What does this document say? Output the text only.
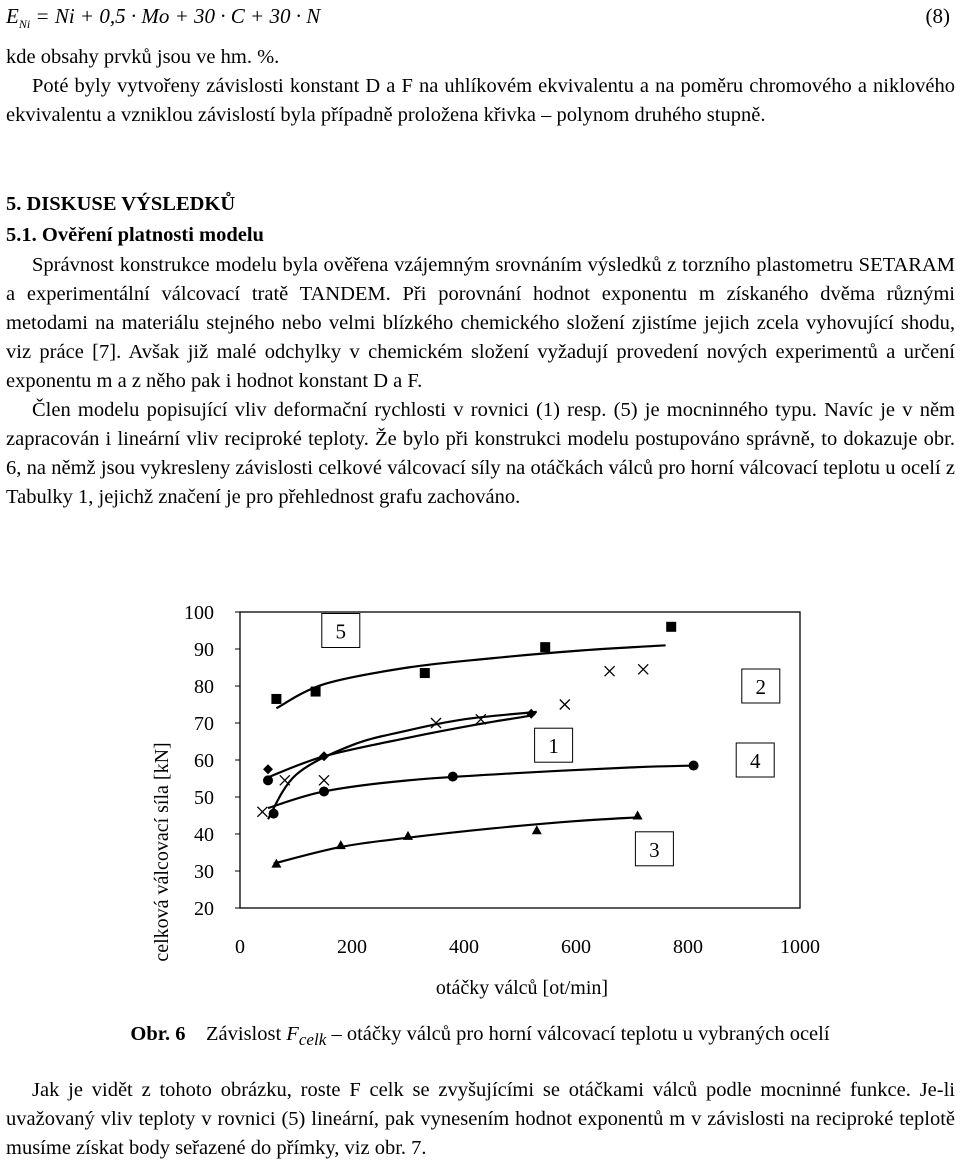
$E_{Ni} = Ni + 0,5 \cdot Mo + 30 \cdot C + 30 \cdot N$	(8)

kde obsahy prvků jsou ve hm. %.

Poté byly vytvořeny závislosti konstant D a F na uhlíkovém ekvivalentu a na poměru chromového a niklového ekvivalentu a vzniklou závislostí byla případně proložena křivka – polynom druhého stupně.

5. DISKUSE VÝSLEDKŮ
5.1. Ověření platnosti modelu

Správnost konstrukce modelu byla ověřena vzájemným srovnáním výsledků z torzního plastometru SETARAM a experimentální válcovací tratě TANDEM. Při porovnání hodnot exponentu m získaného dvěma různými metodami na materiálu stejného nebo velmi blízkého chemického složení zjistíme jejich zcela vyhovující shodu, viz práce [7]. Avšak již malé odchylky v chemickém složení vyžadují provedení nových experimentů a určení exponentu m a z něho pak i hodnot konstant D a F.

Člen modelu popisující vliv deformační rychlosti v rovnici (1) resp. (5) je mocninného typu. Navíc je v něm zapracován i lineární vliv reciproké teploty. Že bylo při konstrukci modelu postupováno správně, to dokazuje obr. 6, na němž jsou vykresleny závislosti celkové válcovací síly na otáčkách válců pro horní válcovací teplotu u ocelí z Tabulky 1, jejichž značení je pro přehlednost grafu zachováno.

celková válcovací síla [kN]
otáčky válců [ot/min]
20
30
40
50
60
70
80
90
100
0	200	400	600	800	1000
5
2
1
4
3
Obr. 6 Závislost $F_{celk}$ – otáčky válců pro horní válcovací teplotu u vybraných ocelí

Jak je vidět z tohoto obrázku, roste F celk se zvyšujícími se otáčkami válců podle mocninné funkce. Je-li uvažovaný vliv teploty v rovnici (5) lineární, pak vynesením hodnot exponentů m v závislosti na reciproké teplotě musíme získat body seřazené do přímky, viz obr. 7.
